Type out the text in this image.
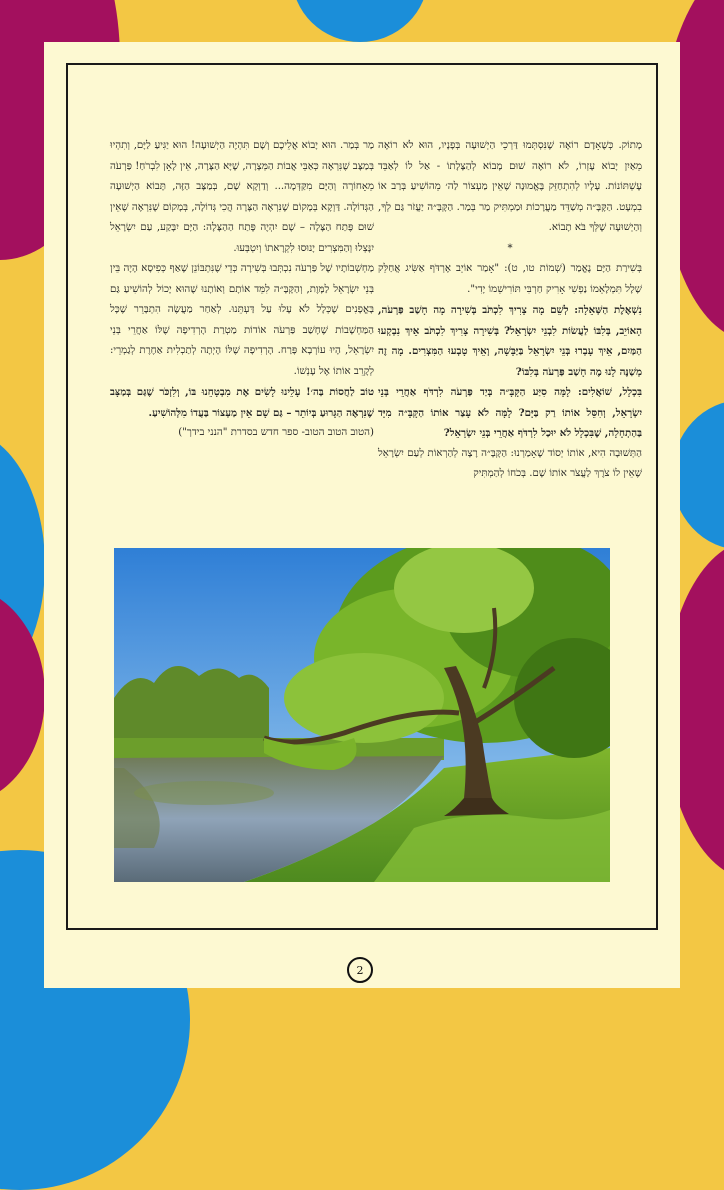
מָתוֹק. כְּשֶׁאָדָם רוֹאֶה שֶׁנִּסְתְּמוּ דַּרְכֵי הַיְשׁוּעָה בְּפָנָיו, הוּא לֹא רוֹאֶה מֵאַיִן יָבוֹא עֶזְרוֹ, לֹא רוֹאֶה שׁוּם מָבוֹא לְהַצָּלָתוֹ - אַל לוֹ לְאַבֵּד עֶשְׁתּוֹנוֹת. עָלָיו לְהִתְחַזֵּק בֶּאֱמוּנָה שֶׁאֵין מַעְצוֹר לַה׳ מֵהוֹשִׁיעַ בְּרַב אוֹ בִמְעָט. הַקָּבָּ״ה מְשַׁדֵּד מַעֲרָכוֹת וּמַמְתִּיק מַר בְּמַר. הַקָּבָּ״ה יַעֲזֹר גַּם לְךָ, וְהַיְשׁוּעָה שֶׁלְּךָ בֹּא תָבוֹא.

*

בְּשִׁירַת הַיָּם נֶאֱמַר (שְׁמוֹת טו, ט): "אָמַר אוֹיֵב אֶרְדֹּף אַשִּׂיג אֲחַלֵּק שָׁלָל תִּמְלָאֵמוֹ נַפְשִׁי אָרִיק חַרְבִּי תּוֹרִישֵׁמוֹ יָדִי".

נִשְׁאֶלֶת הַשְּׁאֵלָה: לְשֵׁם מָה צָרִיךְ לִכְתֹּב בְּשִׁירָה מָה חָשַׁב פַּרְעֹה, הָאוֹיֵב, בְּלִבּוֹ לַעֲשׂוֹת לִבְנֵי יִשְׂרָאֵל? בְּשִׁירָה צָרִיךְ לִכְתֹּב אֵיךְ נִבְקְעוּ הַמַּיִם, אֵיךְ עָבְרוּ בְּנֵי יִשְׂרָאֵל בַּיַּבָּשָׁה, וְאֵיךְ טָבְעוּ הַמִּצְרִים. מָה זֶה מְשַׁנֶּה לָנוּ מֶה חָשַׁב פַּרְעֹה בְּלִבּוֹ?

בִּכְלָל, שׁוֹאֲלִים: לָמָּה סִיַּע הַקָּבָּ״ה בְּיַד פַּרְעֹה לִרְדֹּף אַחֲרֵי בְּנֵי יִשְׂרָאֵל, וְחִסֵּל אוֹתוֹ רַק בַּיָּם? לָמָּה לֹא עָצַר אוֹתוֹ הַקָּבָּ״ה מִיָּד בַּהַתְחָלָה, שֶׁבִּכְלָל לֹא יוּכַל לִרְדֹּף אַחֲרֵי בְּנֵי יִשְׂרָאֵל?

הַתְּשׁוּבָה הִיא, אוֹתוֹ יְסוֹד שֶׁאָמַרְנוּ: הַקָּבָּ״ה רָצָה לְהַרְאוֹת לְעַם יִשְׂרָאֵל שֶׁאֵין לוֹ צֹרֶךְ לַעֲצֹר אוֹתוֹ שָׁם. בְּכֹחוֹ לְהַמְתִּיק

מַר בְּמַר. הוּא יָבוֹא אֲלֵיכֶם וְשָׁם תִּהְיֶה הַיְשׁוּעָה! הוּא יַגִּיעַ לַיָּם, וְתִהְיוּ בְּמַצָּב שֶׁנִּרְאֶה כְּאַבֵּי אֲבוֹת הַמְּצָרָה, שֶׁיָּא הַצָּרָה, אֵין לָאָן לִבְרֹחַ! פַּרְעֹה מֵאָחוֹרָה וְהַיָּם מִקַּדְּמָה... וְדַוְקָא שָׁם, בְּמַצָּב הַזֶּה, תָּבוֹא הַיְשׁוּעָה הַגְּדוֹלָה. דַּוְקָא בְּמָקוֹם שֶׁנִּרְאֶה הַצָּרָה הֲכִי גְּדוֹלָה, בְּמָקוֹם שֶׁנִּרְאֶה שֶׁאֵין שׁוּם פֶּתַח הַצָּלָה – שָׁם יִהְיֶה פֶּתַח הַהַצָּלָה: הַיָּם יִבָּקַע, עַם יִשְׂרָאֵל יִנָּצְלוּ וְהַמִּצְרִים יָנוּסוּ לִקְרָאתוֹ וְיִטְבְּעוּ.

מַחְשְׁבוֹתָיו שֶׁל פַּרְעֹה נִכְתְּבוּ בְּשִׁירָה כְּדֵי שֶׁנִּתְבּוֹנֵן שֶׁאַף כְּפִיסָא הָיָה בֵּין בְּנֵי יִשְׂרָאֵל לַמָּוֶת, וְהַקָּבָּ״ה לִמֵּד אוֹתָם וְאוֹתָנוּ שֶׁהוּא יָכוֹל לְהוֹשִׁיעַ גַּם בָּאֳפָנִים שֶׁכְּלָל לֹא עָלוּ עַל דַּעְתֵּנוּ. לְאַחַר מַעֲשֶׂה הִתְבָּרֵר שֶׁכָּל הַמַּחְשָׁבוֹת שֶׁחָשַׁב פַּרְעֹה אוֹדוֹת מַטְרַת הָרְדִיפָה שֶׁלּוֹ אַחֲרֵי בְּנֵי יִשְׂרָאֵל, הָיוּ עוֹרְבָא פָּרַח. הָרְדִיפָה שֶׁלּוֹ הָיְתָה לְתַכְלִית אַחֶרֶת לְגַמְרֵי: לְקָרֵב אוֹתוֹ אֶל עָנְשׁוֹ.

טוֹב לַחֲסוֹת בַּה׳! עָלֵינוּ לָשִׂים אֶת מִבְטָחֵנוּ בּוֹ, וְלִזְכֹּר שֶׁגַּם בְּמַצָּב שֶׁנִּרְאֶה הַגָּרוּעַ בְּיוֹתֵר – גַּם שָׁם אֵין מַעְצוֹר בַּעֲדוֹ מִלְּהוֹשִׁיעַ.

(הטוב הטוב הטוב- ספר חדש בסדרת "הנני בידך")

2
